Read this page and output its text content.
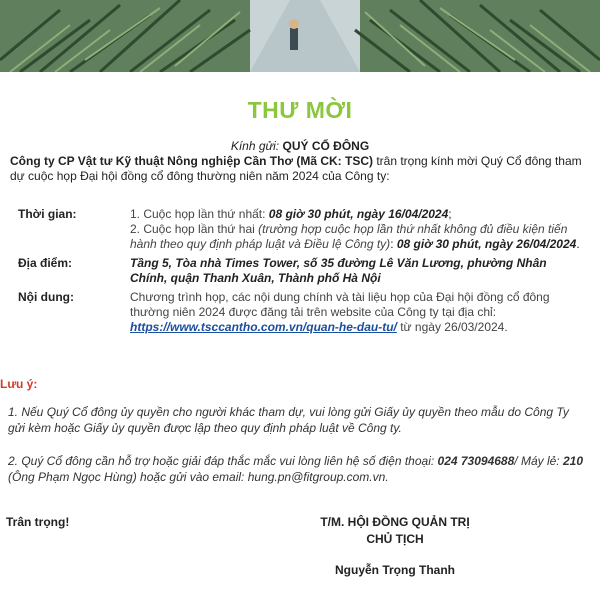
THƯ MỜI
Kính gửi: QUÝ CỔ ĐÔNG
Công ty CP Vật tư Kỹ thuật Nông nghiệp Cần Thơ (Mã CK: TSC) trân trọng kính mời Quý Cổ đông tham dự cuộc họp Đại hội đồng cổ đông thường niên năm 2024 của Công ty:
Thời gian:	1. Cuộc họp lần thứ nhất: 08 giờ 30 phút, ngày 16/04/2024;
2. Cuộc họp lần thứ hai (trường hợp cuộc họp lần thứ nhất không đủ điều kiện tiến hành theo quy định pháp luật và Điều lệ Công ty): 08 giờ 30 phút, ngày 26/04/2024.

Địa điểm:	Tầng 5, Tòa nhà Times Tower, số 35 đường Lê Văn Lương, phường Nhân Chính, quận Thanh Xuân, Thành phố Hà Nội
Nội dung:	Chương trình họp, các nội dung chính và tài liệu họp của Đại hội đồng cổ đông thường niên 2024 được đăng tải trên website của Công ty tại địa chỉ: https://www.tsccantho.com.vn/quan-he-dau-tu/ từ ngày 26/03/2024.
Lưu ý:
1. Nếu Quý Cổ đông ủy quyền cho người khác tham dự, vui lòng gửi Giấy ủy quyền theo mẫu do Công Ty gửi kèm hoặc Giấy ủy quyền được lập theo quy định pháp luật về Công ty.
2. Quý Cổ đông cần hỗ trợ hoặc giải đáp thắc mắc vui lòng liên hệ số điện thoại: 024 73094688/ Máy lẻ: 210 (Ông Phạm Ngọc Hùng) hoặc gửi vào email: hung.pn@fitgroup.com.vn.
Trân trọng!	T/M. HỘI ĐỒNG QUẢN TRỊ
CHỦ TỊCH
Nguyễn Trọng Thanh
